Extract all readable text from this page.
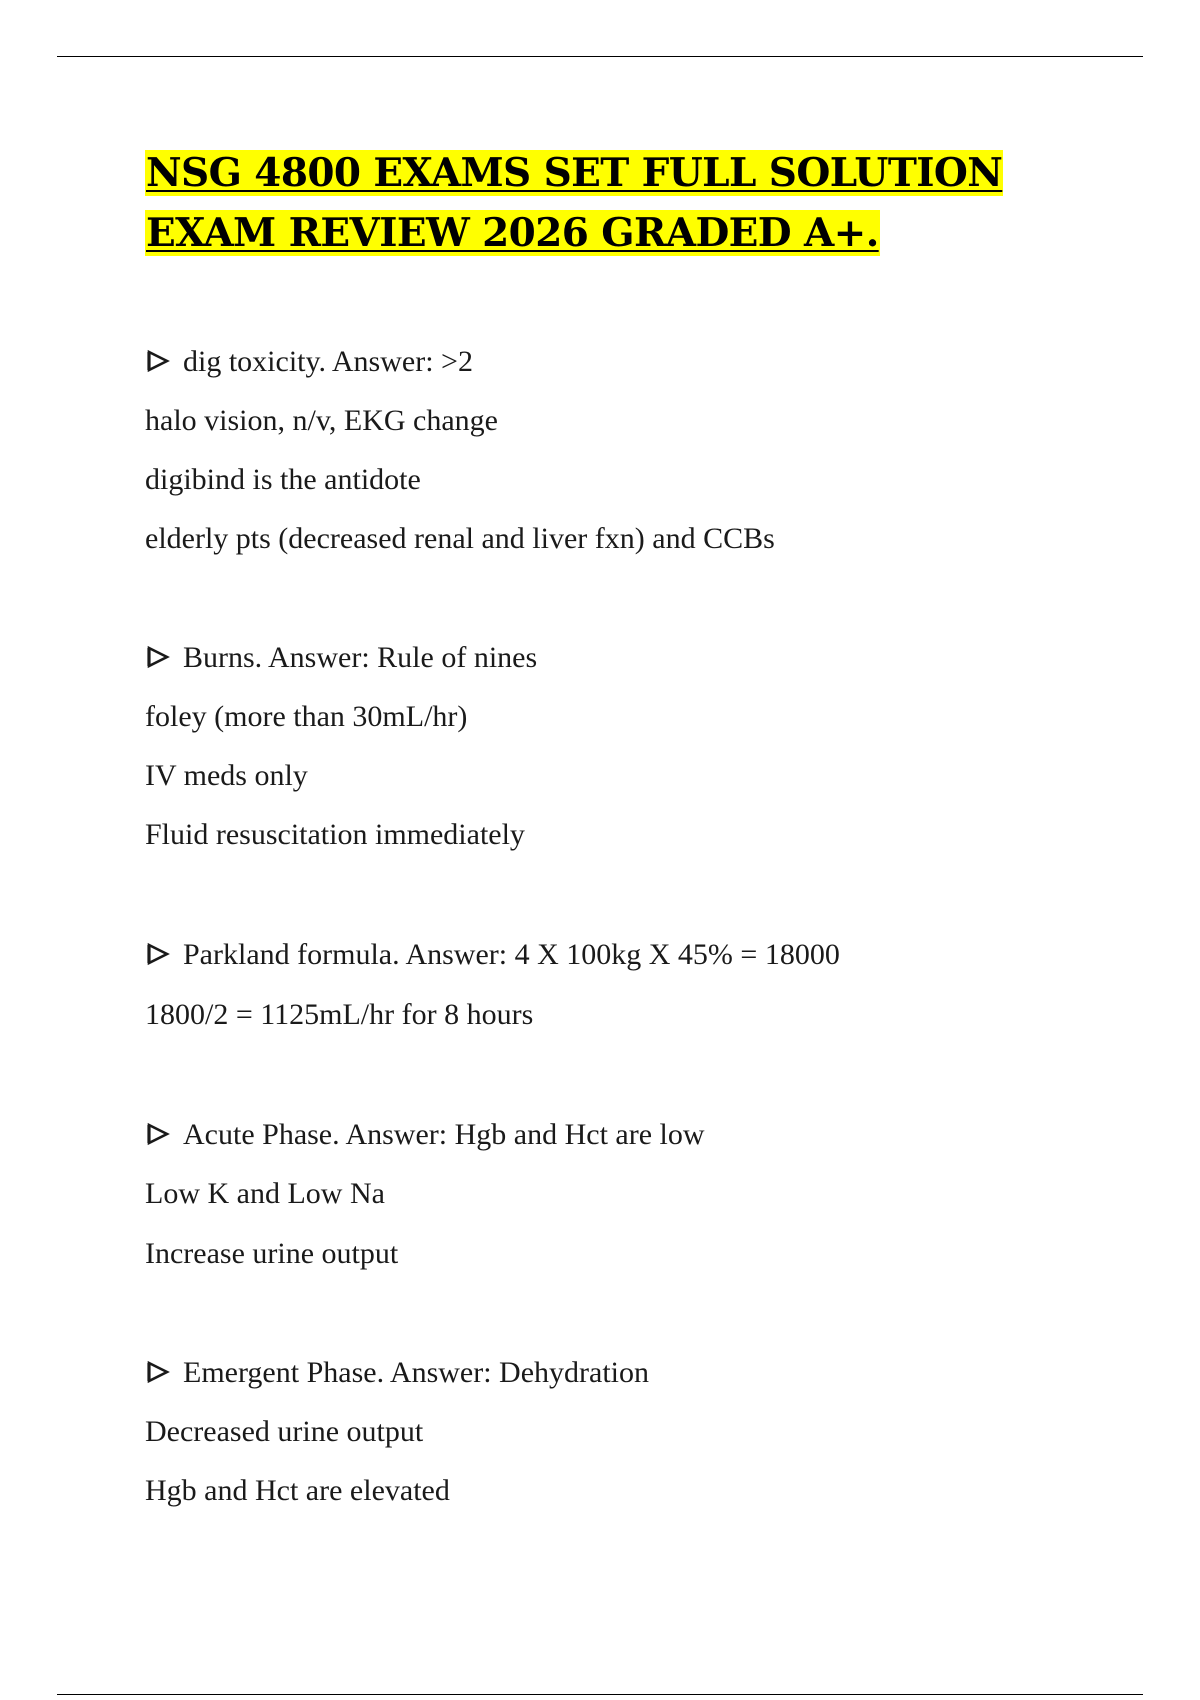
NSG 4800 EXAMS SET FULL SOLUTION EXAM REVIEW 2026 GRADED A+.

dig toxicity. Answer: >2

halo vision, n/v, EKG change

digibind is the antidote

elderly pts (decreased renal and liver fxn) and CCBs

Burns. Answer: Rule of nines

foley (more than 30mL/hr)

IV meds only

Fluid resuscitation immediately

Parkland formula. Answer: 4 X 100kg X 45% = 18000

1800/2 = 1125mL/hr for 8 hours

Acute Phase. Answer: Hgb and Hct are low

Low K and Low Na

Increase urine output

Emergent Phase. Answer: Dehydration

Decreased urine output

Hgb and Hct are elevated
